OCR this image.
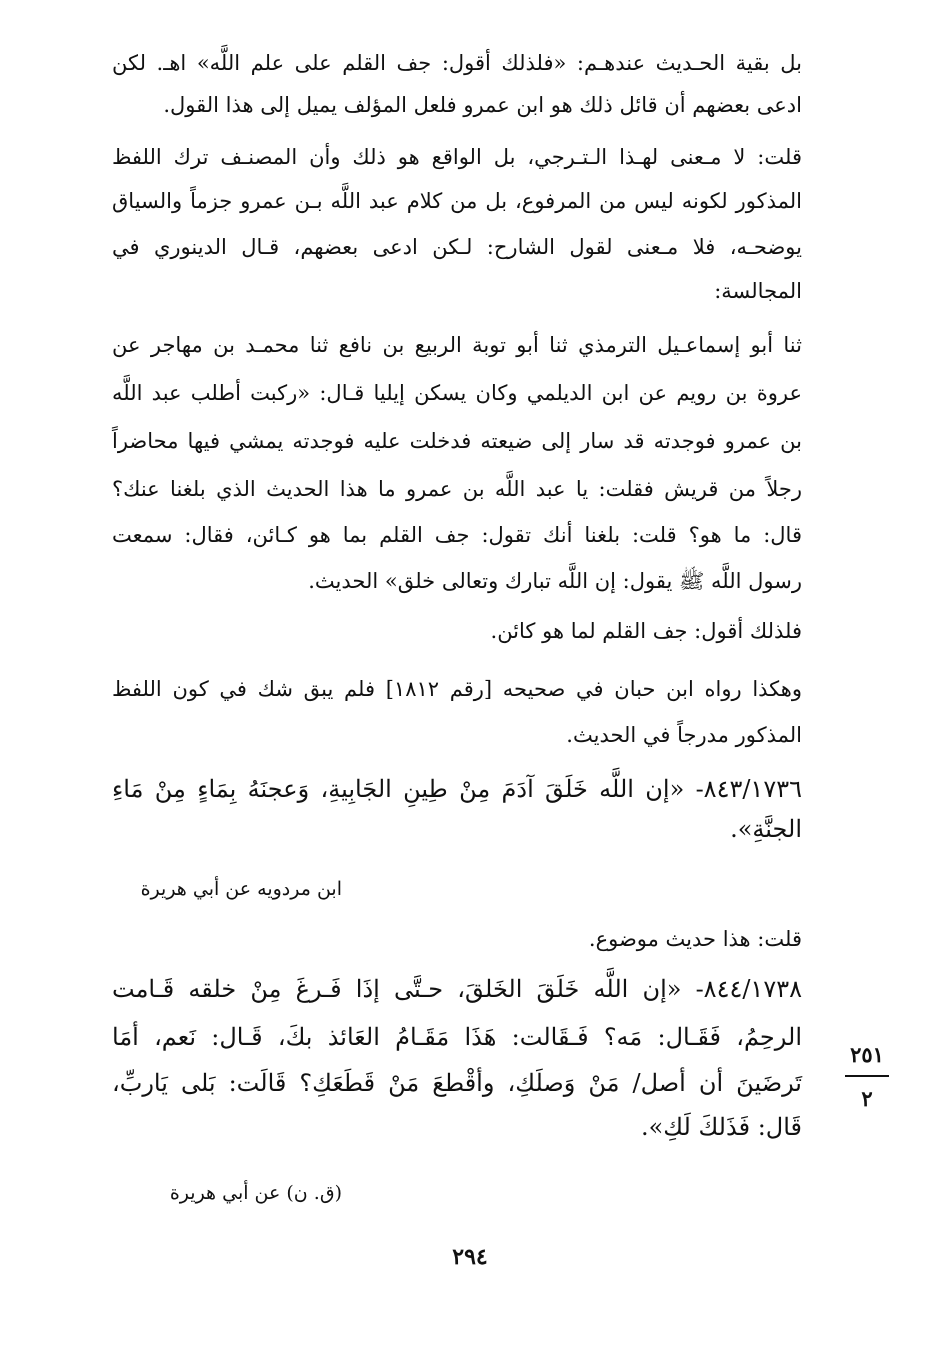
بل بقية الحـديث عندهـم: «فلذلك أقول: جف القلم على علم اللَّه» اهـ. لكن
ادعى بعضهم أن قائل ذلك هو ابن عمرو فلعل المؤلف يميل إلى هذا القول.
قلت: لا مـعنى لهـذا الـتـرجي، بل الواقع هو ذلك وأن المصنـف ترك اللفظ
المذكور لكونه ليس من المرفوع، بل من كلام عبد اللَّه بـن عمرو جزماً والسياق
يوضحـه، فلا مـعنى لقول الشارح: لـكن ادعى بعضهم، قـال الدينوري في
المجالسة:
ثنا أبو إسماعـيل الترمذي ثنا أبو توبة الربيع بن نافع ثنا محمـد بن مهاجر عن
عروة بن رويم عن ابن الديلمي وكان يسكن إيليا قـال: «ركبت أطلب عبد اللَّه
بن عمرو فوجدته قد سار إلى ضيعته فدخلت عليه فوجدته يمشي فيها محاضراً
رجلاً من قريش فقلت: يا عبد اللَّه بن عمرو ما هذا الحديث الذي بلغنا عنك؟
قال: ما هو؟ قلت: بلغنا أنك تقول: جف القلم بما هو كـائن، فقال: سمعت
رسول اللَّه ﷺ يقول: إن اللَّه تبارك وتعالى خلق» الحديث.
فلذلك أقول: جف القلم لما هو كائن.
وهكذا رواه ابن حبان في صحيحه [رقم ١٨١٢] فلم يبق شك في كون اللفظ
المذكور مدرجاً في الحديث.
٨٤٣/١٧٣٦- «إن اللَّه خَلَقَ آدَمَ مِنْ طِينِ الجَابِيةِ، وَعجنَهُ بِمَاءٍ مِنْ مَاءِ
الجنَّةِ».
قلت: هذا حديث موضوع.
٨٤٤/١٧٣٨- «إن اللَّه خَلَقَ الخَلقَ، حـتَّى إذَا فَـرغَ مِنْ خلقه قَـامت
الرحِمُ، فَقَـال: مَه؟ فَـقَالت: هَذَا مَقَـامُ العَائذ بكَ، قَـال: نَعم، أمَا
تَرضَينَ أن أصل/ مَنْ وَصلَكِ، وأقْطعَ مَنْ قَطَعَكِ؟ قَالَت: بَلى يَاربِّ،
قَال: فَذَلكَ لَكِ».
ابن مردويه عن أبي هريرة
(ق. ن) عن أبي هريرة
٢٥١
٢
٢٩٤
